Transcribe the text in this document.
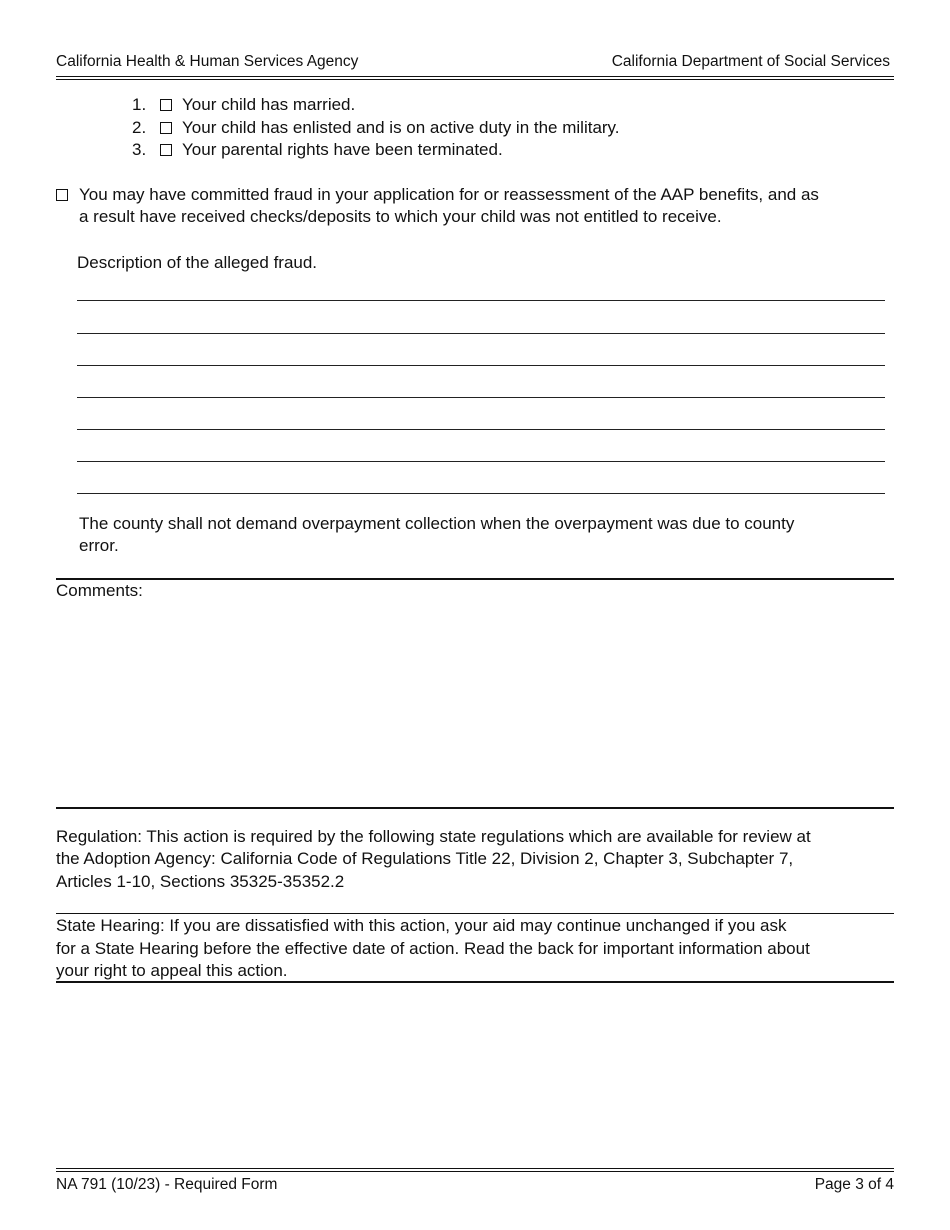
California Health & Human Services Agency	California Department of Social Services
1. Your child has married.
2. Your child has enlisted and is on active duty in the military.
3. Your parental rights have been terminated.
You may have committed fraud in your application for or reassessment of the AAP benefits, and as
a result have received checks/deposits to which your child was not entitled to receive.
Description of the alleged fraud.
The county shall not demand overpayment collection when the overpayment was due to county
error.
Comments:
Regulation: This action is required by the following state regulations which are available for review at
the Adoption Agency: California Code of Regulations Title 22, Division 2, Chapter 3, Subchapter 7,
Articles 1-10, Sections 35325-35352.2
State Hearing: If you are dissatisfied with this action, your aid may continue unchanged if you ask
for a State Hearing before the effective date of action. Read the back for important information about
your right to appeal this action.
NA 791 (10/23) - Required Form	Page 3 of 4
